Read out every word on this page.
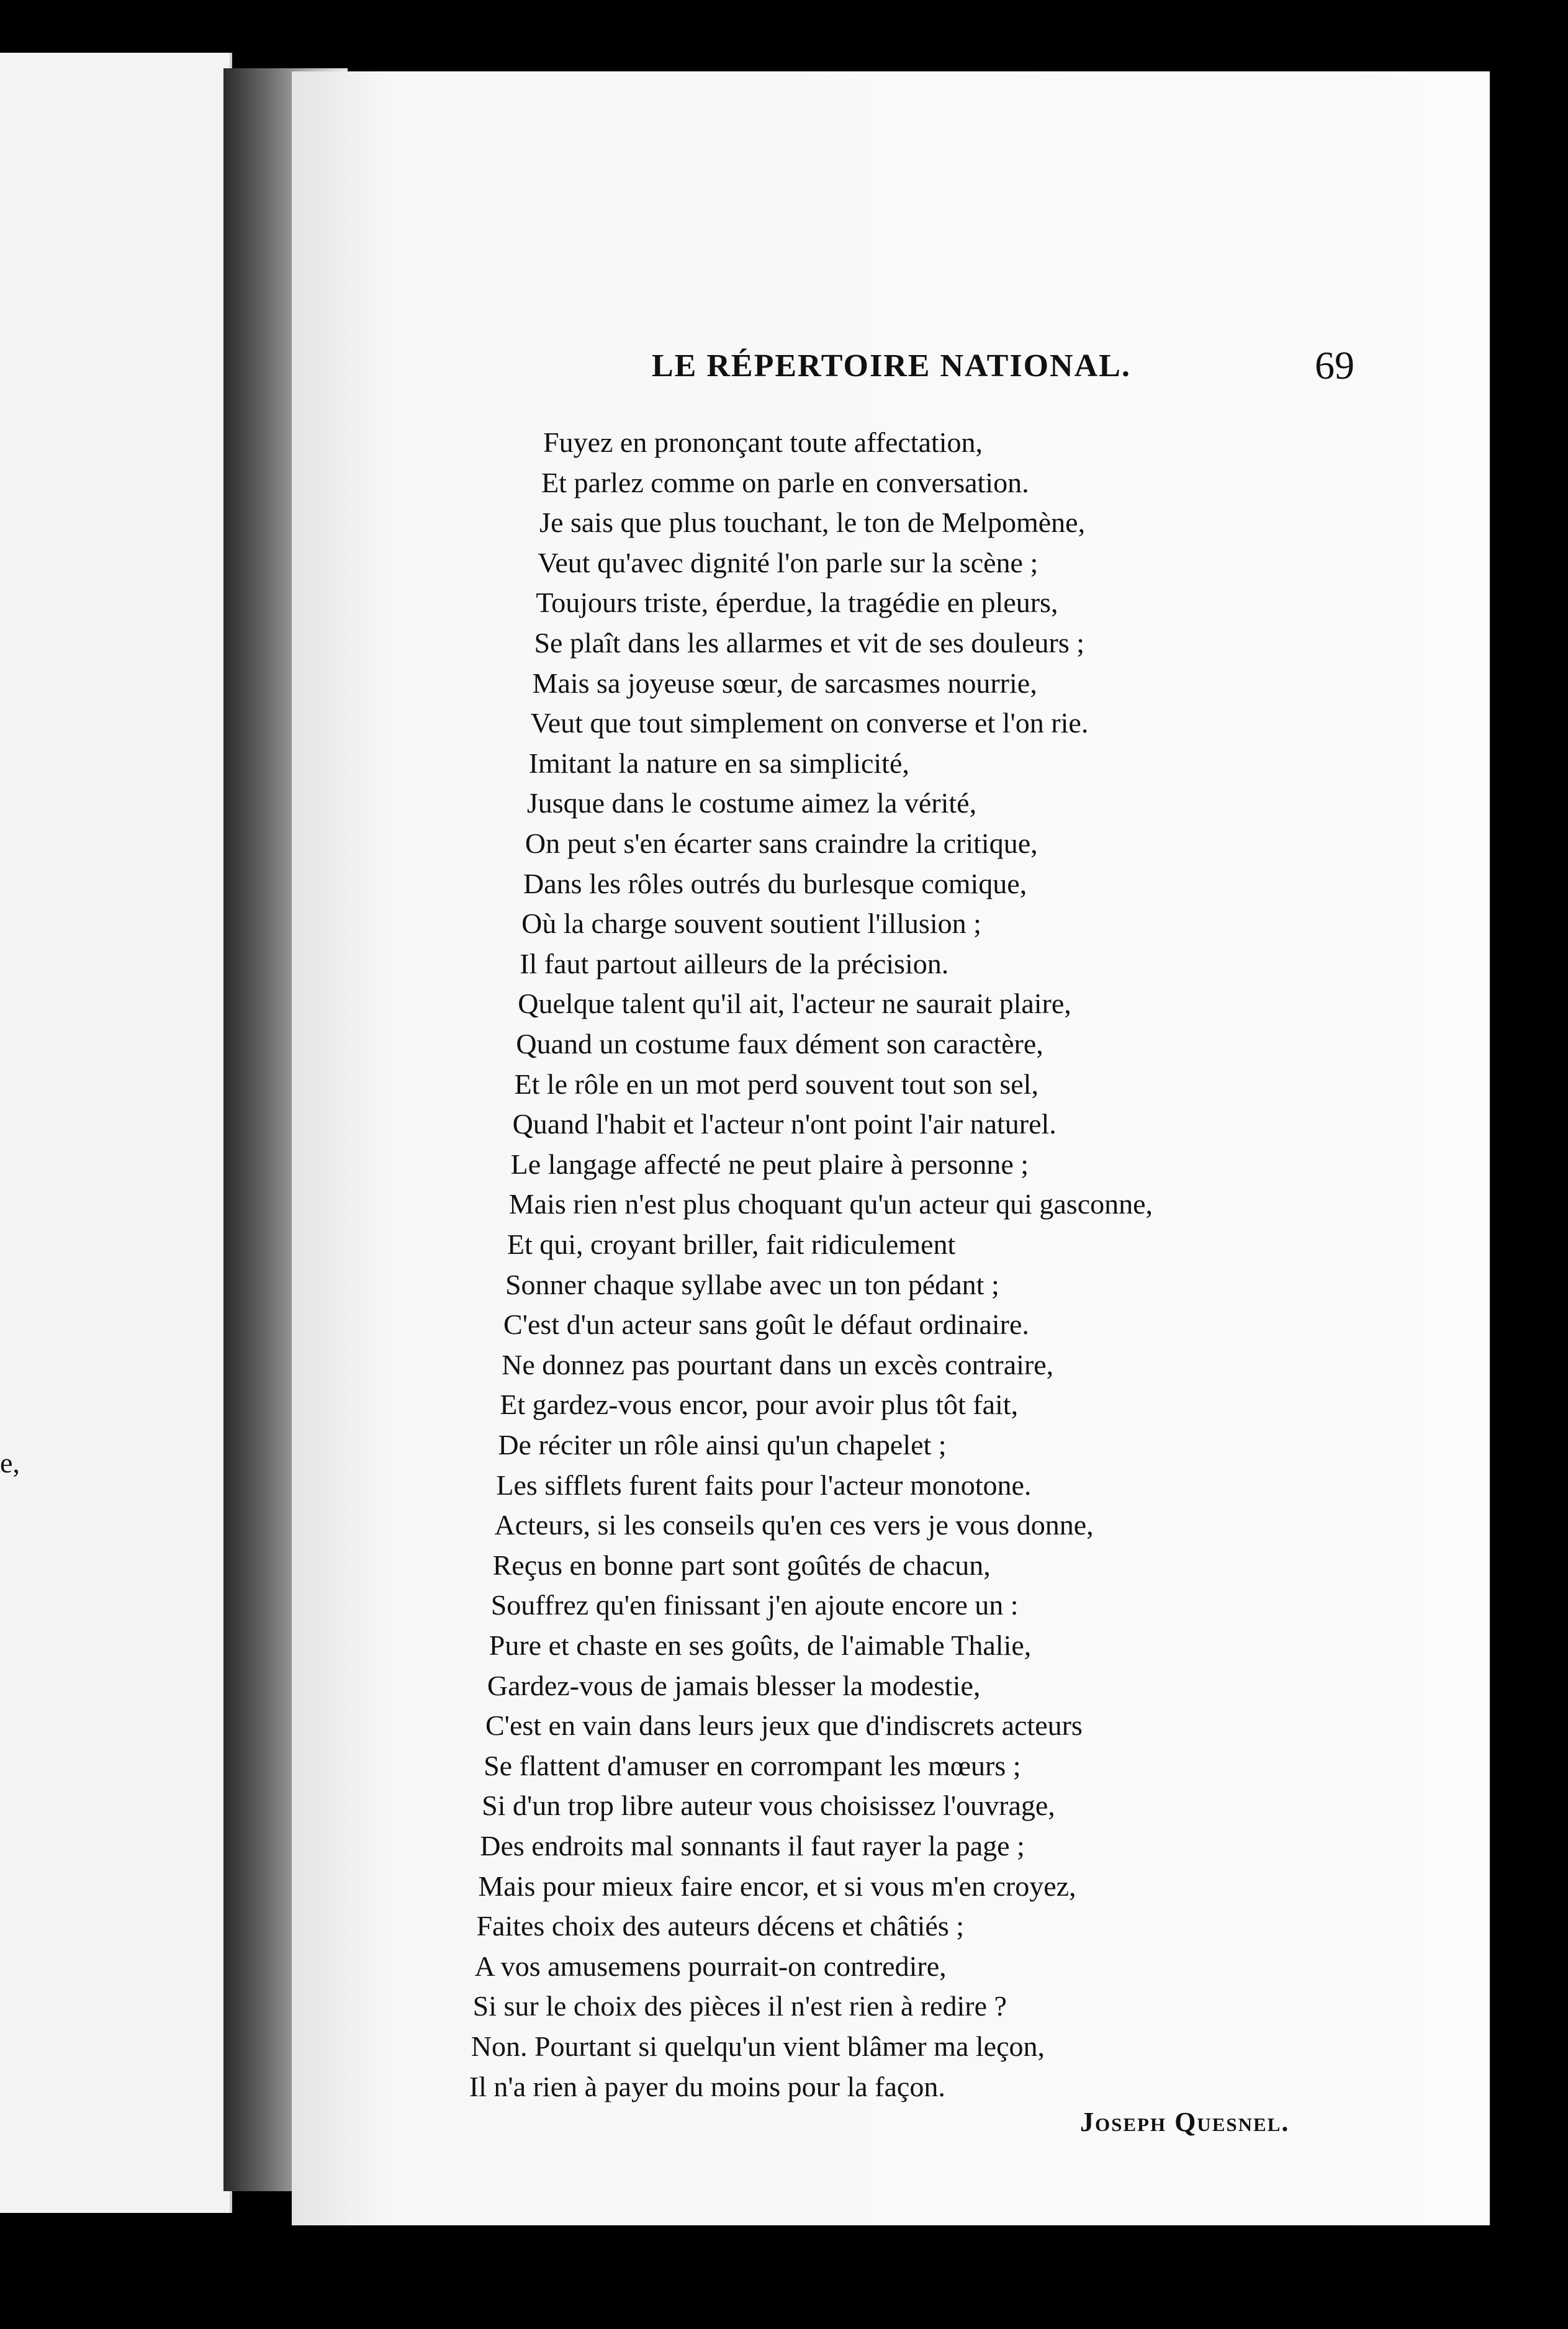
e,
LE RÉPERTOIRE NATIONAL.	69
Fuyez en prononçant toute affectation,
Et parlez comme on parle en conversation.
Je sais que plus touchant, le ton de Melpomène,
Veut qu'avec dignité l'on parle sur la scène ;
Toujours triste, éperdue, la tragédie en pleurs,
Se plaît dans les allarmes et vit de ses douleurs ;
Mais sa joyeuse sœur, de sarcasmes nourrie,
Veut que tout simplement on converse et l'on rie.
Imitant la nature en sa simplicité,
Jusque dans le costume aimez la vérité,
On peut s'en écarter sans craindre la critique,
Dans les rôles outrés du burlesque comique,
Où la charge souvent soutient l'illusion ;
Il faut partout ailleurs de la précision.
Quelque talent qu'il ait, l'acteur ne saurait plaire,
Quand un costume faux dément son caractère,
Et le rôle en un mot perd souvent tout son sel,
Quand l'habit et l'acteur n'ont point l'air naturel.
Le langage affecté ne peut plaire à personne ;
Mais rien n'est plus choquant qu'un acteur qui gasconne,
Et qui, croyant briller, fait ridiculement
Sonner chaque syllabe avec un ton pédant ;
C'est d'un acteur sans goût le défaut ordinaire.
Ne donnez pas pourtant dans un excès contraire,
Et gardez-vous encor, pour avoir plus tôt fait,
De réciter un rôle ainsi qu'un chapelet ;
Les sifflets furent faits pour l'acteur monotone.
Acteurs, si les conseils qu'en ces vers je vous donne,
Reçus en bonne part sont goûtés de chacun,
Souffrez qu'en finissant j'en ajoute encore un :
Pure et chaste en ses goûts, de l'aimable Thalie,
Gardez-vous de jamais blesser la modestie,
C'est en vain dans leurs jeux que d'indiscrets acteurs
Se flattent d'amuser en corrompant les mœurs ;
Si d'un trop libre auteur vous choisissez l'ouvrage,
Des endroits mal sonnants il faut rayer la page ;
Mais pour mieux faire encor, et si vous m'en croyez,
Faites choix des auteurs décens et châtiés ;
A vos amusemens pourrait-on contredire,
Si sur le choix des pièces il n'est rien à redire ?
Non. Pourtant si quelqu'un vient blâmer ma leçon,
Il n'a rien à payer du moins pour la façon.
Joseph Quesnel.
